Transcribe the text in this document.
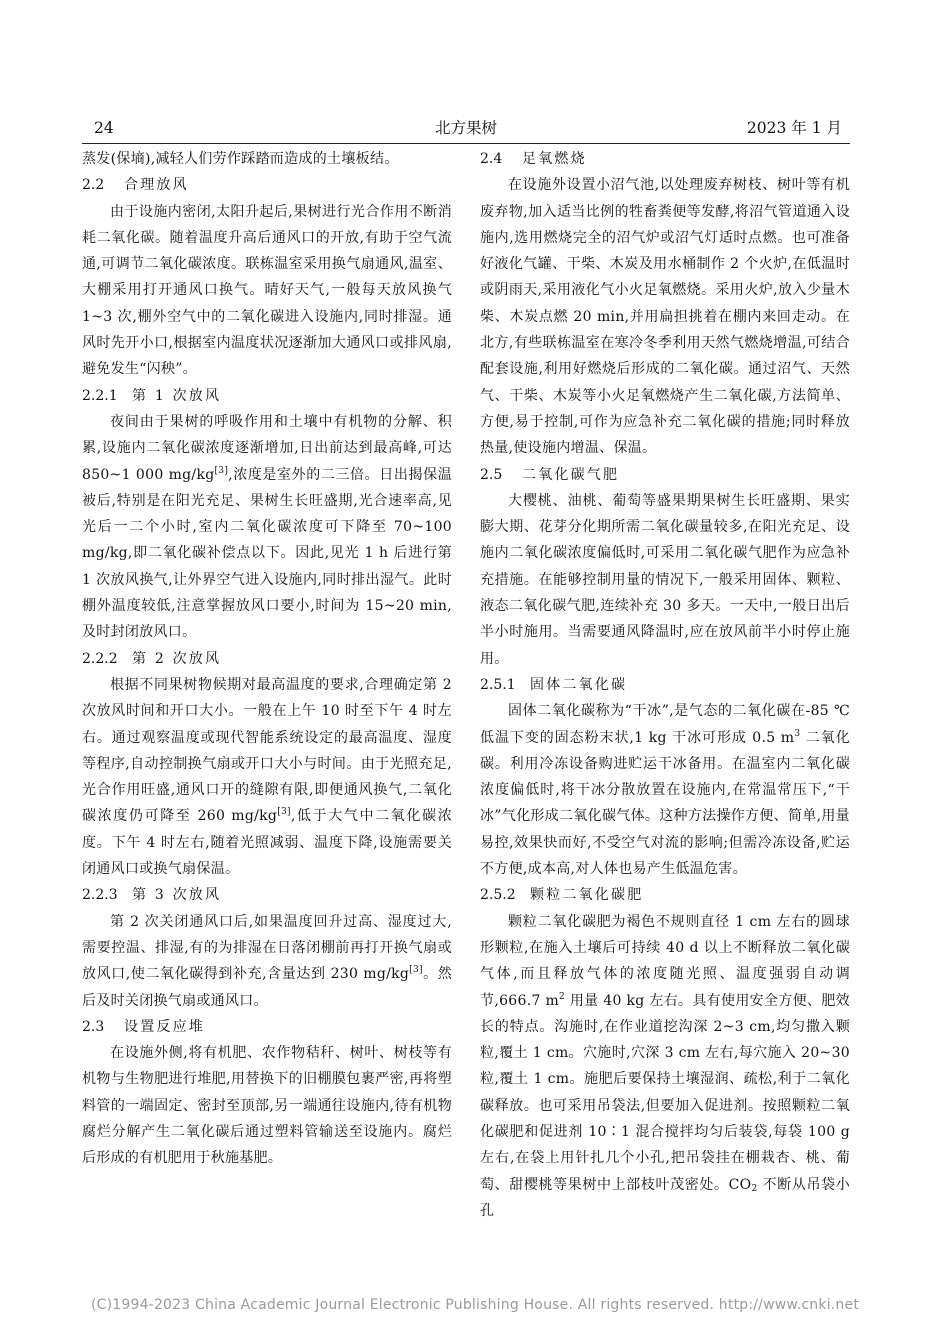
24	北方果树	2023 年 1 月

蒸发(保墒),减轻人们劳作踩踏而造成的土壤板结。

2.2 合理放风

由于设施内密闭,太阳升起后,果树进行光合作用不断消耗二氧化碳。随着温度升高后通风口的开放,有助于空气流通,可调节二氧化碳浓度。联栋温室采用换气扇通风,温室、大棚采用打开通风口换气。晴好天气,一般每天放风换气 1~3 次,棚外空气中的二氧化碳进入设施内,同时排湿。通风时先开小口,根据室内温度状况逐渐加大通风口或排风扇,避免发生“闪秧”。

2.2.1 第 1 次放风

夜间由于果树的呼吸作用和土壤中有机物的分解、积累,设施内二氧化碳浓度逐渐增加,日出前达到最高峰,可达 850~1 000 mg/kg[3],浓度是室外的二三倍。日出揭保温被后,特别是在阳光充足、果树生长旺盛期,光合速率高,见光后一二个小时,室内二氧化碳浓度可下降至 70~100 mg/kg,即二氧化碳补偿点以下。因此,见光 1 h 后进行第 1 次放风换气,让外界空气进入设施内,同时排出湿气。此时棚外温度较低,注意掌握放风口要小,时间为 15~20 min,及时封闭放风口。

2.2.2 第 2 次放风

根据不同果树物候期对最高温度的要求,合理确定第 2 次放风时间和开口大小。一般在上午 10 时至下午 4 时左右。通过观察温度或现代智能系统设定的最高温度、湿度等程序,自动控制换气扇或开口大小与时间。由于光照充足,光合作用旺盛,通风口开的缝隙有限,即便通风换气,二氧化碳浓度仍可降至 260 mg/kg[3],低于大气中二氧化碳浓度。下午 4 时左右,随着光照减弱、温度下降,设施需要关闭通风口或换气扇保温。

2.2.3 第 3 次放风

第 2 次关闭通风口后,如果温度回升过高、湿度过大,需要控温、排湿,有的为排湿在日落闭棚前再打开换气扇或放风口,使二氧化碳得到补充,含量达到 230 mg/kg[3]。然后及时关闭换气扇或通风口。

2.3 设置反应堆

在设施外侧,将有机肥、农作物秸秆、树叶、树枝等有机物与生物肥进行堆肥,用替换下的旧棚膜包裹严密,再将塑料管的一端固定、密封至顶部,另一端通往设施内,待有机物腐烂分解产生二氧化碳后通过塑料管输送至设施内。腐烂后形成的有机肥用于秋施基肥。

2.4 足氧燃烧

在设施外设置小沼气池,以处理废弃树枝、树叶等有机废弃物,加入适当比例的牲畜粪便等发酵,将沼气管道通入设施内,选用燃烧完全的沼气炉或沼气灯适时点燃。也可准备好液化气罐、干柴、木炭及用水桶制作 2 个火炉,在低温时或阴雨天,采用液化气小火足氧燃烧。采用火炉,放入少量木柴、木炭点燃 20 min,并用扁担挑着在棚内来回走动。在北方,有些联栋温室在寒冷冬季利用天然气燃烧增温,可结合配套设施,利用好燃烧后形成的二氧化碳。通过沼气、天然气、干柴、木炭等小火足氧燃烧产生二氧化碳,方法简单、方便,易于控制,可作为应急补充二氧化碳的措施;同时释放热量,使设施内增温、保温。

2.5 二氧化碳气肥

大樱桃、油桃、葡萄等盛果期果树生长旺盛期、果实膨大期、花芽分化期所需二氧化碳量较多,在阳光充足、设施内二氧化碳浓度偏低时,可采用二氧化碳气肥作为应急补充措施。在能够控制用量的情况下,一般采用固体、颗粒、液态二氧化碳气肥,连续补充 30 多天。一天中,一般日出后半小时施用。当需要通风降温时,应在放风前半小时停止施用。

2.5.1 固体二氧化碳

固体二氧化碳称为“干冰”,是气态的二氧化碳在-85 ℃低温下变的固态粉末状,1 kg 干冰可形成 0.5 $m^3$ 二氧化碳。利用冷冻设备购进贮运干冰备用。在温室内二氧化碳浓度偏低时,将干冰分散放置在设施内,在常温常压下,“干冰”气化形成二氧化碳气体。这种方法操作方便、简单,用量易控,效果快而好,不受空气对流的影响;但需冷冻设备,贮运不方便,成本高,对人体也易产生低温危害。

2.5.2 颗粒二氧化碳肥

颗粒二氧化碳肥为褐色不规则直径 1 cm 左右的圆球形颗粒,在施入土壤后可持续 40 d 以上不断释放二氧化碳气体,而且释放气体的浓度随光照、温度强弱自动调节,666.7 $m^2$ 用量 40 kg 左右。具有使用安全方便、肥效长的特点。沟施时,在作业道挖沟深 2~3 cm,均匀撒入颗粒,覆土 1 cm。穴施时,穴深 3 cm 左右,每穴施入 20~30 粒,覆土 1 cm。施肥后要保持土壤湿润、疏松,利于二氧化碳释放。也可采用吊袋法,但要加入促进剂。按照颗粒二氧化碳肥和促进剂 10∶1 混合搅拌均匀后装袋,每袋 100 g 左右,在袋上用针扎几个小孔,把吊袋挂在棚栽杏、桃、葡萄、甜樱桃等果树中上部枝叶茂密处。$CO_2$ 不断从吊袋小孔

(C)1994-2023 China Academic Journal Electronic Publishing House. All rights reserved. http://www.cnki.net
